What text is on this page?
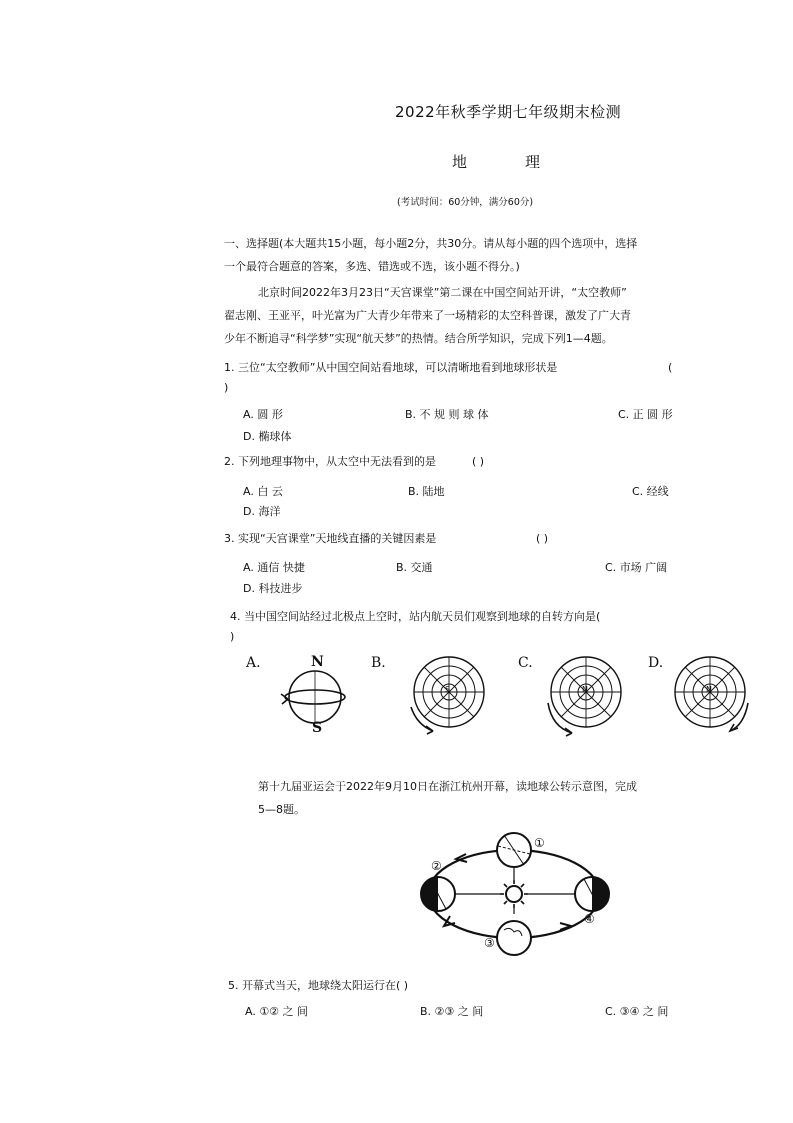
2022年秋季学期七年级期末检测
地	理
(考试时间：60分钟，满分60分)
一、选择题(本大题共15小题，每小题2分，共30分。请从每小题的四个选项中，选择
一个最符合题意的答案，多选、错选或不选，该小题不得分。)
北京时间2022年3月23日“天宫课堂”第二课在中国空间站开讲，“太空教师”
翟志刚、王亚平，叶光富为广大青少年带来了一场精彩的太空科普课，激发了广大青
少年不断追寻“科学梦”实现“航天梦”的热情。结合所学知识，完成下列1—4题。
1. 三位“太空教师”从中国空间站看地球，可以清晰地看到地球形状是	(
)
A. 圆 形	B. 不 规 则 球 体	C. 正 圆 形
D. 椭球体
2. 下列地理事物中，从太空中无法看到的是	( )
A. 白 云	B. 陆地	C. 经线
D. 海洋
3. 实现“天宫课堂”天地线直播的关键因素是	( )
A. 通信 快捷	B. 交通	C. 市场 广阔
D. 科技进步
4. 当中国空间站经过北极点上空时，站内航天员们观察到地球的自转方向是(
)
A.	B.	C.	D.
N
S
S	N	N
第十九届亚运会于2022年9月10日在浙江杭州开幕，读地球公转示意图，完成
5—8题。
①
②
③
④
5. 开幕式当天，地球绕太阳运行在( )
A. ①② 之 间	B. ②③ 之 间	C. ③④ 之 间
